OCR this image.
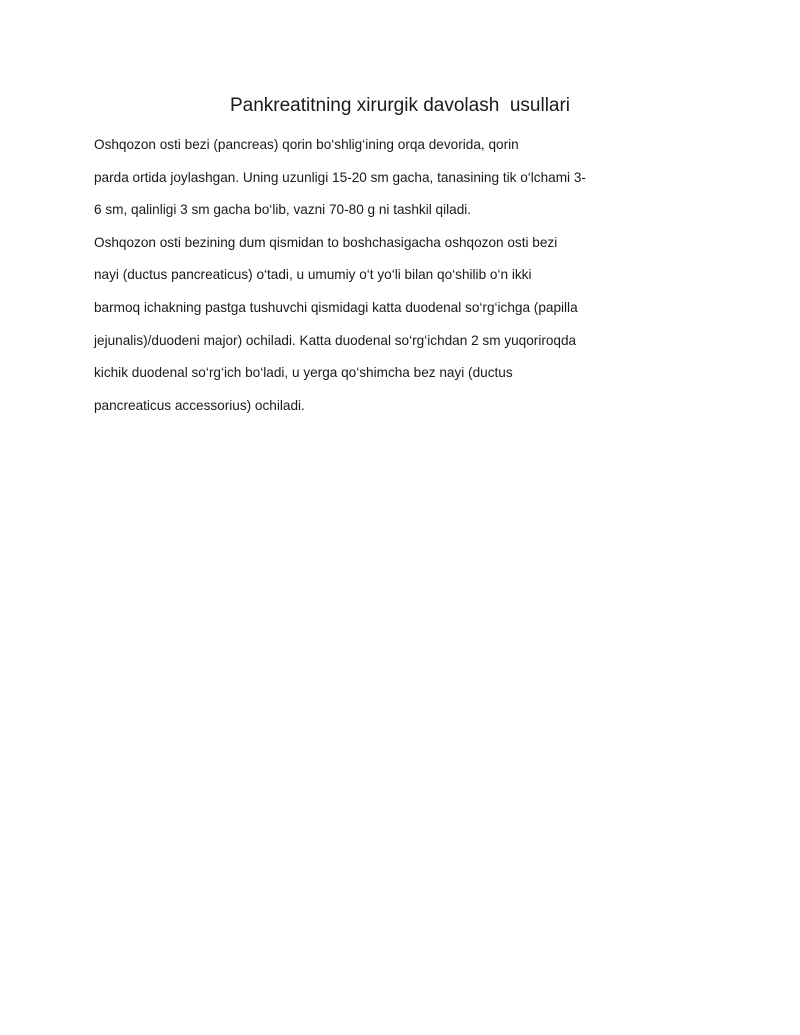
Pankreatitning xirurgik davolash  usullari
Oshqozon osti bezi (pancreas) qorin bo‘shlig‘ining orqa devorida, qorin
parda ortida joylashgan. Uning uzunligi 15-20 sm gacha, tanasining tik o‘lchami 3-
6 sm, qalinligi 3 sm gacha bo‘lib, vazni 70-80 g ni tashkil qiladi.
Oshqozon osti bezining dum qismidan to boshchasigacha oshqozon osti bezi
nayi (ductus pancreaticus) o‘tadi, u umumiy o‘t yo‘li bilan qo‘shilib o‘n ikki
barmoq ichakning pastga tushuvchi qismidagi katta duodenal so‘rg‘ichga (papilla
jejunalis)/duodeni major) ochiladi. Katta duodenal so‘rg‘ichdan 2 sm yuqoriroqda
kichik duodenal so‘rg‘ich bo‘ladi, u yerga qo‘shimcha bez nayi (ductus
pancreaticus accessorius) ochiladi.
